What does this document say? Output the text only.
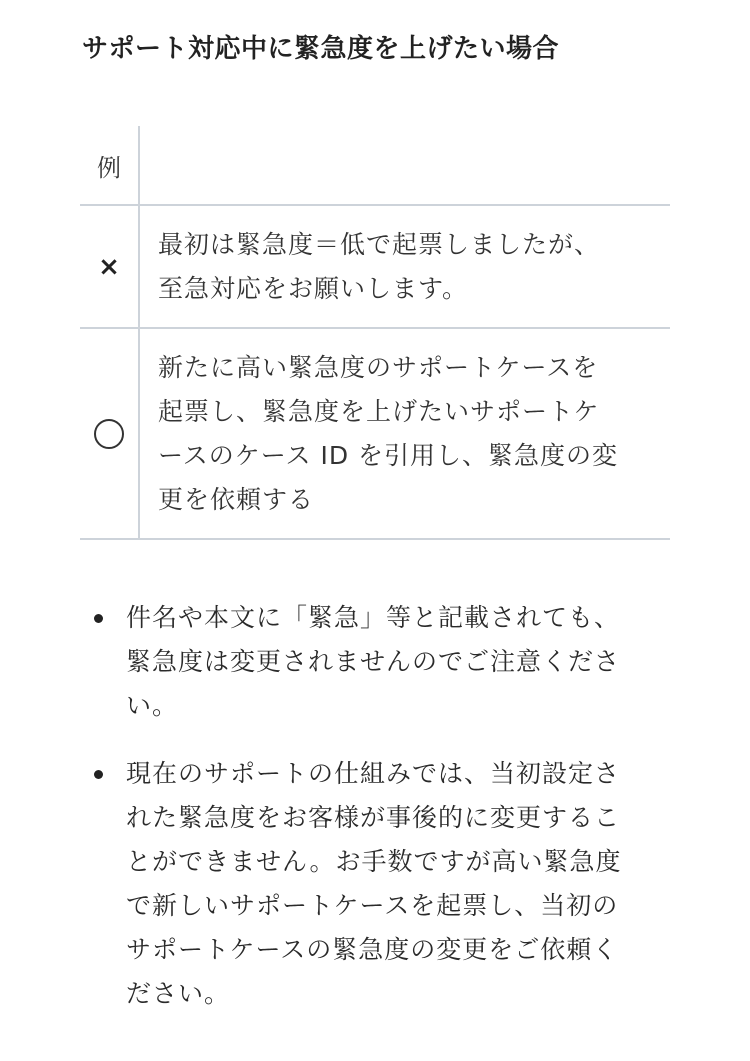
サポート対応中に緊急度を上げたい場合
例
×
最初は緊急度＝低で起票しましたが、
至急対応をお願いします。
新たに高い緊急度のサポートケースを
起票し、緊急度を上げたいサポートケ
ースのケース ID を引用し、緊急度の変
更を依頼する
件名や本文に「緊急」等と記載されても、
緊急度は変更されませんのでご注意くださ
い。
現在のサポートの仕組みでは、当初設定さ
れた緊急度をお客様が事後的に変更するこ
とができません。お手数ですが高い緊急度
で新しいサポートケースを起票し、当初の
サポートケースの緊急度の変更をご依頼く
ださい。
